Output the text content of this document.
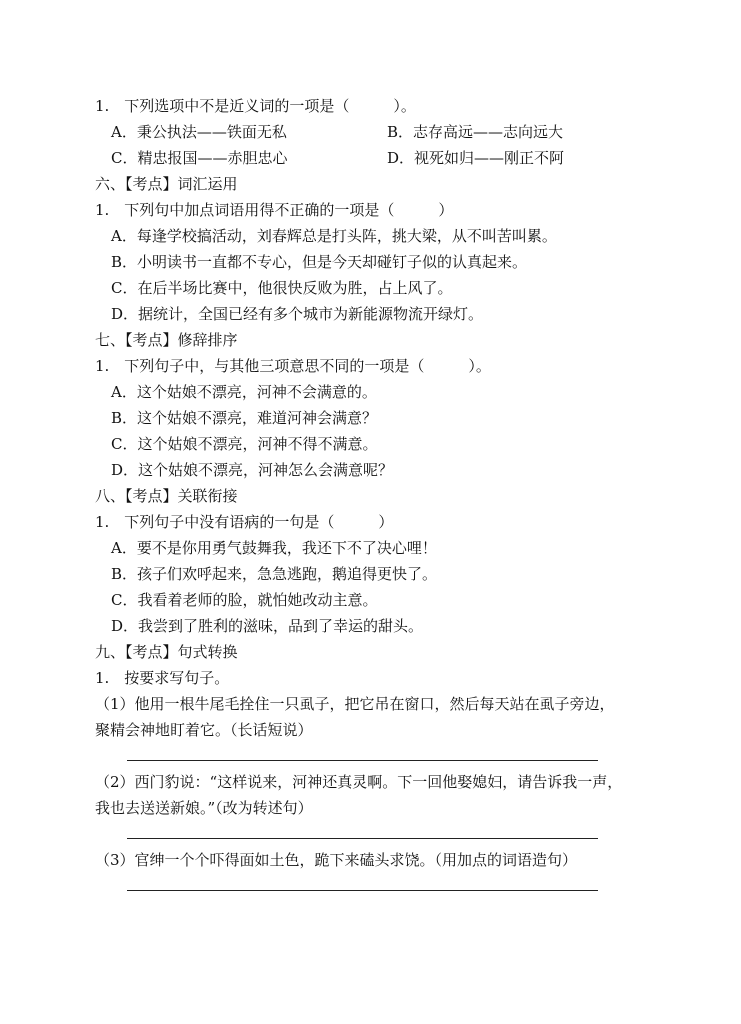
1.　下列选项中不是近义词的一项是（	）。
A．秉公执法——铁面无私	B．志存高远——志向远大
C．精忠报国——赤胆忠心	D．视死如归——刚正不阿
六、【考点】词汇运用
1.　下列句中加点词语用得不正确的一项是（	）
A．每逢学校搞活动，刘春辉总是打头阵，挑大梁，从不叫苦叫累。
B．小明读书一直都不专心，但是今天却碰钉子似的认真起来。
C．在后半场比赛中，他很快反败为胜，占上风了。
D．据统计，全国已经有多个城市为新能源物流开绿灯。
七、【考点】修辞排序
1.　下列句子中，与其他三项意思不同的一项是（	）。
A．这个姑娘不漂亮，河神不会满意的。
B．这个姑娘不漂亮，难道河神会满意？
C．这个姑娘不漂亮，河神不得不满意。
D．这个姑娘不漂亮，河神怎么会满意呢？
八、【考点】关联衔接
1.　下列句子中没有语病的一句是（	）
A．要不是你用勇气鼓舞我，我还下不了决心哩！
B．孩子们欢呼起来，急急逃跑，鹅追得更快了。
C．我看着老师的脸，就怕她改动主意。
D．我尝到了胜利的滋味，品到了幸运的甜头。
九、【考点】句式转换
1.　按要求写句子。
（1）他用一根牛尾毛拴住一只虱子，把它吊在窗口，然后每天站在虱子旁边，
聚精会神地盯着它。（长话短说）
（2）西门豹说：“这样说来，河神还真灵啊。下一回他娶媳妇，请告诉我一声，
我也去送送新娘。”（改为转述句）
（3）官绅一个个吓得面如土色，跪下来磕头求饶。（用加点的词语造句）
